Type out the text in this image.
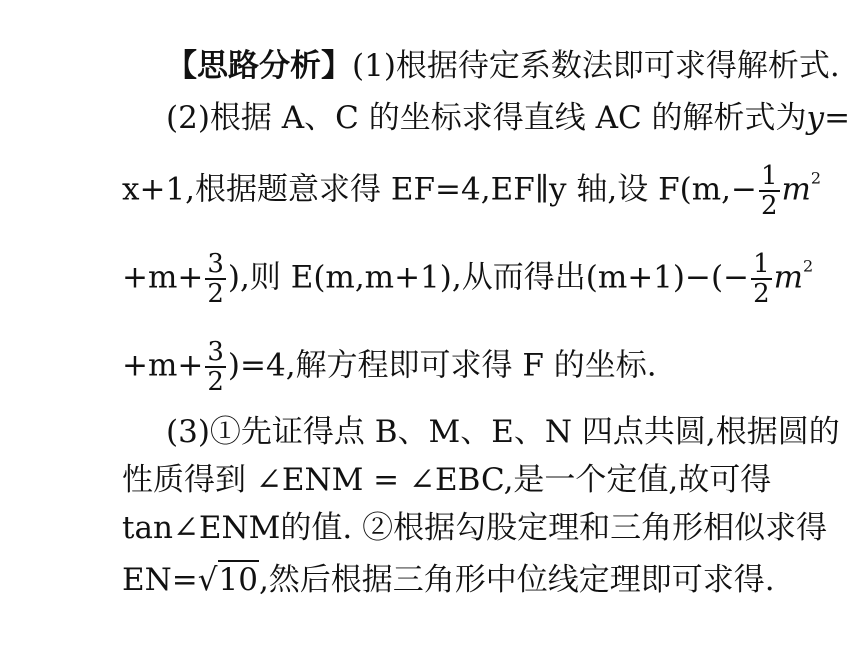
【思路分析】(1)根据待定系数法即可求得解析式.
(2)根据 A、C 的坐标求得直线 AC 的解析式为y=
x+1,根据题意求得 EF=4,EF∥y 轴,设 $F(m,- \frac{1}{2} m^2$
$+m+ \frac{3}{2}$ ),则 E(m,m+1),从而得出$(m+1)-(- \frac{1}{2} m^2$
$+m+ \frac{3}{2} )=4$,解方程即可求得 F 的坐标.
(3)①先证得点 B、M、E、N 四点共圆,根据圆的
性质得到 ∠ENM = ∠EBC,是一个定值,故可得
tan∠ENM的值. ②根据勾股定理和三角形相似求得
EN=√10,然后根据三角形中位线定理即可求得.
